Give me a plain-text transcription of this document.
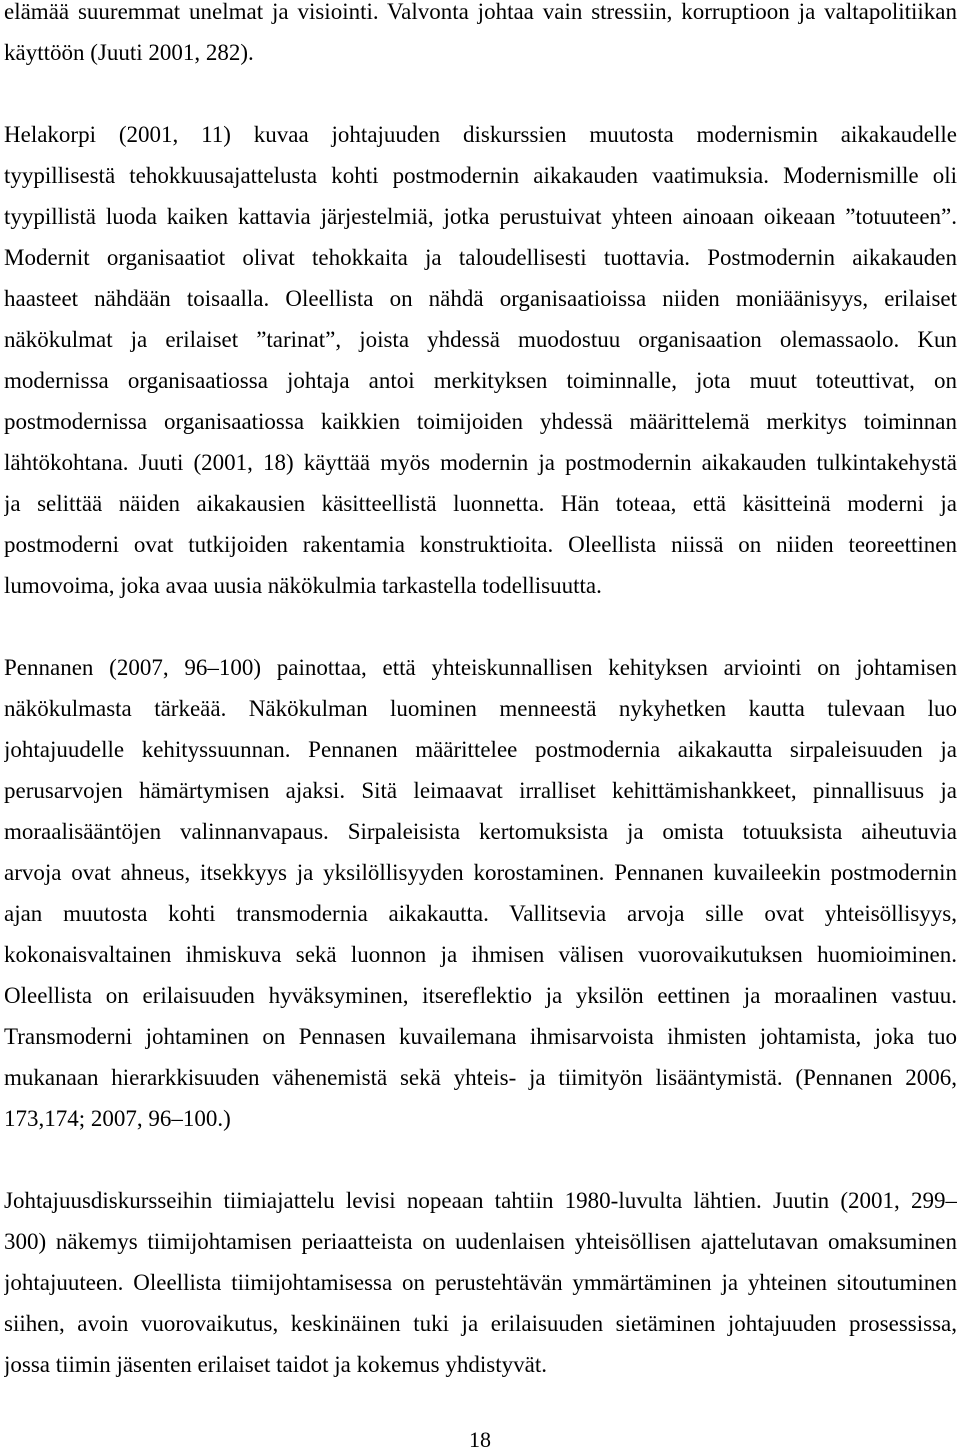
elämää suuremmat unelmat ja visiointi. Valvonta johtaa vain stressiin, korruptioon ja valtapolitiikan
käyttöön (Juuti 2001, 282).
Helakorpi (2001, 11) kuvaa johtajuuden diskurssien muutosta modernismin aikakaudelle
tyypillisestä tehokkuusajattelusta kohti postmodernin aikakauden vaatimuksia. Modernismille oli
tyypillistä luoda kaiken kattavia järjestelmiä, jotka perustuivat yhteen ainoaan oikeaan ”totuuteen”.
Modernit organisaatiot olivat tehokkaita ja taloudellisesti tuottavia. Postmodernin aikakauden
haasteet nähdään toisaalla. Oleellista on nähdä organisaatioissa niiden moniäänisyys, erilaiset
näkökulmat ja erilaiset ”tarinat”, joista yhdessä muodostuu organisaation olemassaolo. Kun
modernissa organisaatiossa johtaja antoi merkityksen toiminnalle, jota muut toteuttivat, on
postmodernissa organisaatiossa kaikkien toimijoiden yhdessä määrittelemä merkitys toiminnan
lähtökohtana. Juuti (2001, 18) käyttää myös modernin ja postmodernin aikakauden tulkintakehystä
ja selittää näiden aikakausien käsitteellistä luonnetta. Hän toteaa, että käsitteinä moderni ja
postmoderni ovat tutkijoiden rakentamia konstruktioita. Oleellista niissä on niiden teoreettinen
lumovoima, joka avaa uusia näkökulmia tarkastella todellisuutta.
Pennanen (2007, 96–100) painottaa, että yhteiskunnallisen kehityksen arviointi on johtamisen
näkökulmasta tärkeää. Näkökulman luominen menneestä nykyhetken kautta tulevaan luo
johtajuudelle kehityssuunnan. Pennanen määrittelee postmodernia aikakautta sirpaleisuuden ja
perusarvojen hämärtymisen ajaksi. Sitä leimaavat irralliset kehittämishankkeet, pinnallisuus ja
moraalisääntöjen valinnanvapaus. Sirpaleisista kertomuksista ja omista totuuksista aiheutuvia
arvoja ovat ahneus, itsekkyys ja yksilöllisyyden korostaminen. Pennanen kuvaileekin postmodernin
ajan muutosta kohti transmodernia aikakautta. Vallitsevia arvoja sille ovat yhteisöllisyys,
kokonaisvaltainen ihmiskuva sekä luonnon ja ihmisen välisen vuorovaikutuksen huomioiminen.
Oleellista on erilaisuuden hyväksyminen, itsereflektio ja yksilön eettinen ja moraalinen vastuu.
Transmoderni johtaminen on Pennasen kuvailemana ihmisarvoista ihmisten johtamista, joka tuo
mukanaan hierarkkisuuden vähenemistä sekä yhteis- ja tiimityön lisääntymistä. (Pennanen 2006,
173,174; 2007, 96–100.)
Johtajuusdiskursseihin tiimiajattelu levisi nopeaan tahtiin 1980-luvulta lähtien. Juutin (2001, 299–
300) näkemys tiimijohtamisen periaatteista on uudenlaisen yhteisöllisen ajattelutavan omaksuminen
johtajuuteen. Oleellista tiimijohtamisessa on perustehtävän ymmärtäminen ja yhteinen sitoutuminen
siihen, avoin vuorovaikutus, keskinäinen tuki ja erilaisuuden sietäminen johtajuuden prosessissa,
jossa tiimin jäsenten erilaiset taidot ja kokemus yhdistyvät.
18
